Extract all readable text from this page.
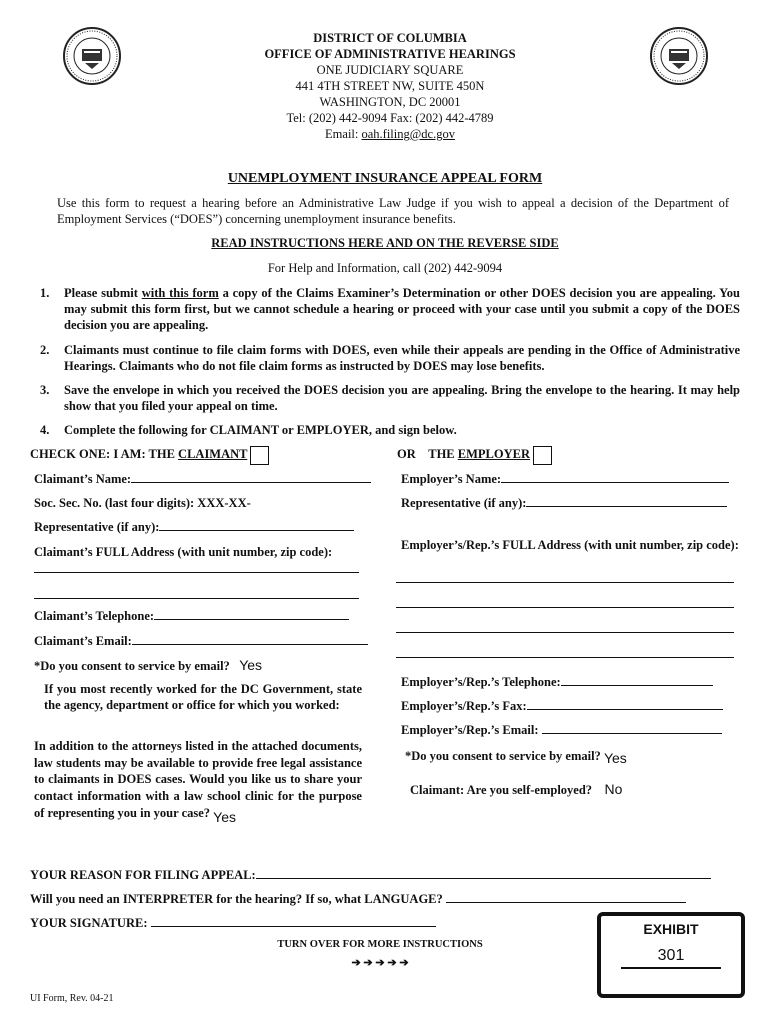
DISTRICT OF COLUMBIA
OFFICE OF ADMINISTRATIVE HEARINGS
ONE JUDICIARY SQUARE
441 4TH STREET NW, SUITE 450N
WASHINGTON, DC 20001
Tel: (202) 442-9094 Fax: (202) 442-4789
Email: oah.filing@dc.gov
UNEMPLOYMENT INSURANCE APPEAL FORM
Use this form to request a hearing before an Administrative Law Judge if you wish to appeal a decision of the Department of Employment Services (“DOES”) concerning unemployment insurance benefits.
READ INSTRUCTIONS HERE AND ON THE REVERSE SIDE
For Help and Information, call (202) 442-9094
1. Please submit with this form a copy of the Claims Examiner’s Determination or other DOES decision you are appealing. You may submit this form first, but we cannot schedule a hearing or proceed with your case until you submit a copy of the DOES decision you are appealing.
2. Claimants must continue to file claim forms with DOES, even while their appeals are pending in the Office of Administrative Hearings. Claimants who do not file claim forms as instructed by DOES may lose benefits.
3. Save the envelope in which you received the DOES decision you are appealing. Bring the envelope to the hearing. It may help show that you filed your appeal on time.
4. Complete the following for CLAIMANT or EMPLOYER, and sign below.
CHECK ONE: I AM: THE CLAIMANT	OR THE EMPLOYER
Claimant’s Name:
Soc. Sec. No. (last four digits): XXX-XX-
Representative (if any):
Claimant’s FULL Address (with unit number, zip code):
Claimant’s Telephone:
Claimant’s Email:
*Do you consent to service by email? Yes
If you most recently worked for the DC Government, state the agency, department or office for which you worked:
In addition to the attorneys listed in the attached documents, law students may be available to provide free legal assistance to claimants in DOES cases. Would you like us to share your contact information with a law school clinic for the purpose of representing you in your case? Yes
Employer’s Name:
Representative (if any):
Employer’s/Rep.’s FULL Address (with unit number, zip code):
Employer’s/Rep.’s Telephone:
Employer’s/Rep.’s Fax:
Employer’s/Rep.’s Email:
*Do you consent to service by email? Yes
Claimant: Are you self-employed? No
YOUR REASON FOR FILING APPEAL:
Will you need an INTERPRETER for the hearing? If so, what LANGUAGE?
YOUR SIGNATURE:
TURN OVER FOR MORE INSTRUCTIONS
➔ ➔ ➔ ➔ ➔
UI Form, Rev. 04-21
EXHIBIT
301
